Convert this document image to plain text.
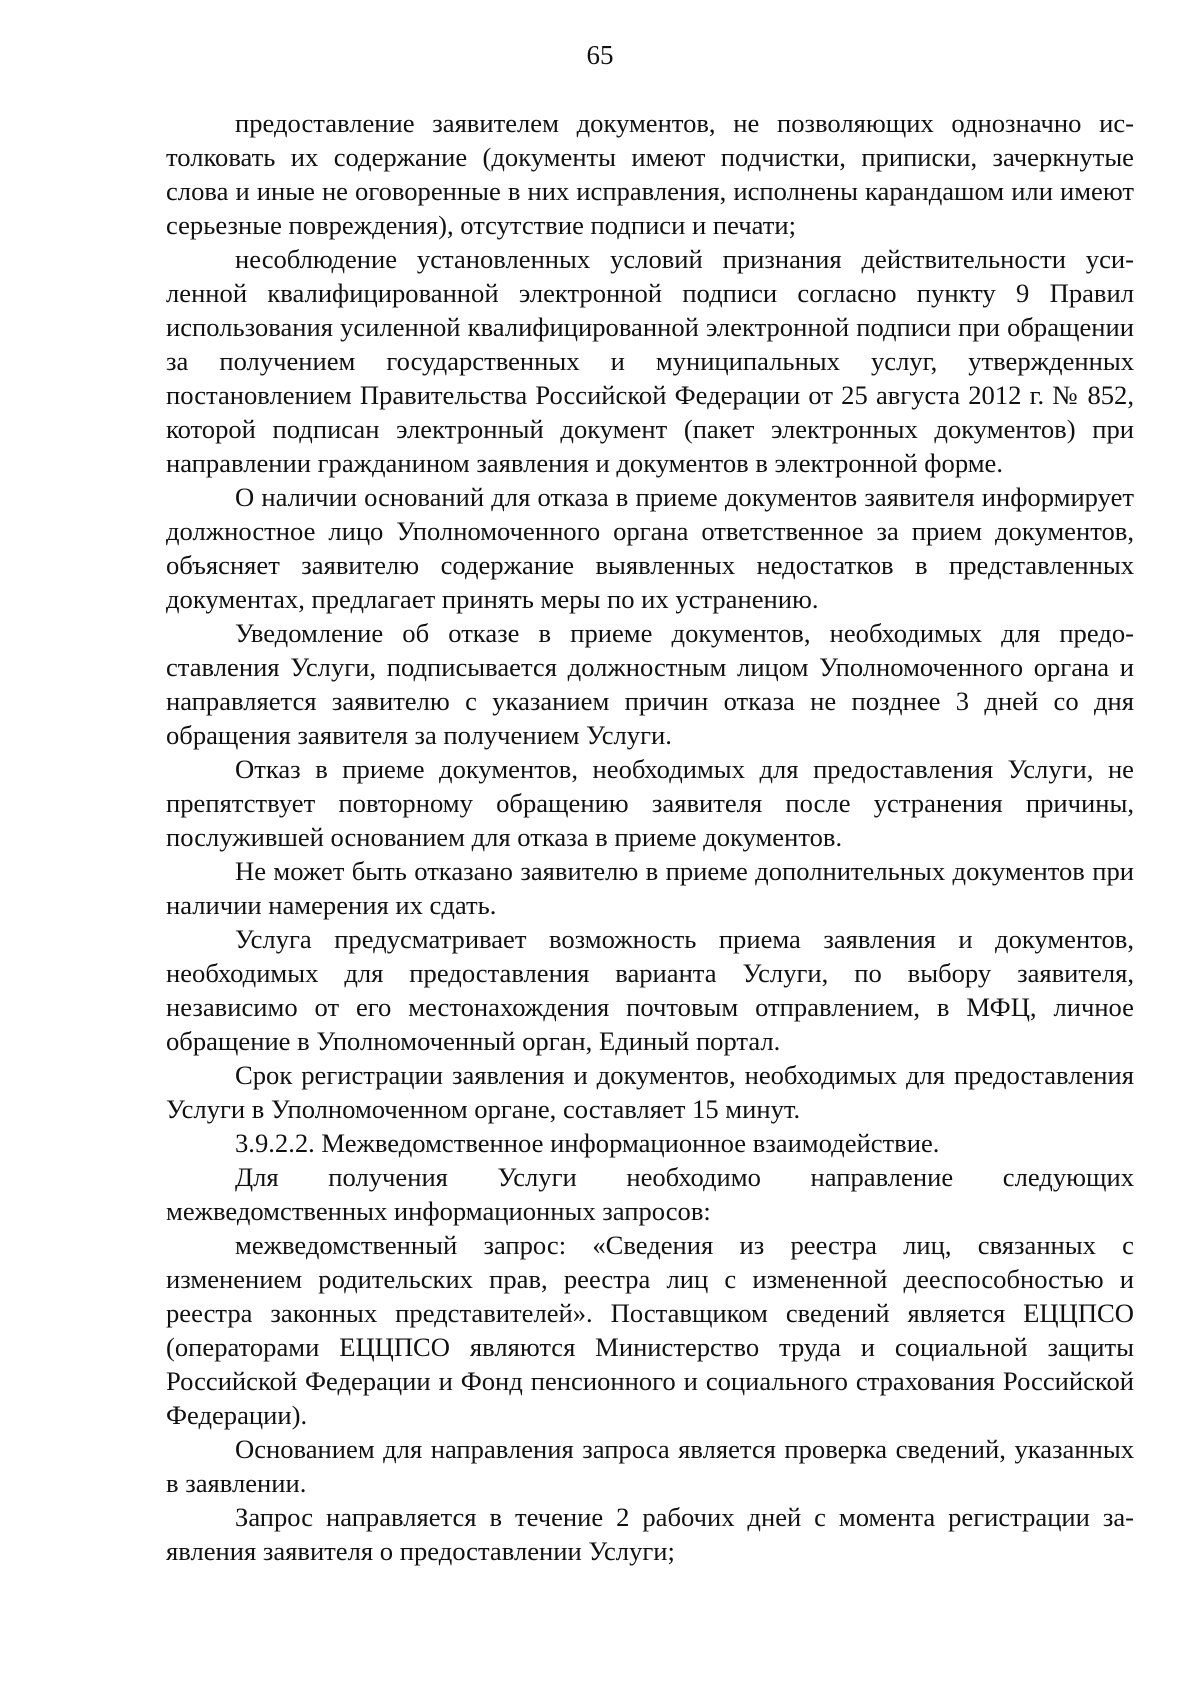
65

предоставление заявителем документов, не позволяющих однозначно истолковать их содержание (документы имеют подчистки, приписки, зачеркнутые слова и иные не оговоренные в них исправления, исполнены карандашом или имеют серьезные повреждения), отсутствие подписи и печати;

несоблюдение установленных условий признания действительности усиленной квалифицированной электронной подписи согласно пункту 9 Правил использования усиленной квалифицированной электронной подписи при обращении за получением государственных и муниципальных услуг, утвержденных постановлением Правительства Российской Федерации от 25 августа 2012 г. № 852, которой подписан электронный документ (пакет электронных документов) при направлении гражданином заявления и документов в электронной форме.

О наличии оснований для отказа в приеме документов заявителя информирует должностное лицо Уполномоченного органа ответственное за прием документов, объясняет заявителю содержание выявленных недостатков в представленных документах, предлагает принять меры по их устранению.

Уведомление об отказе в приеме документов, необходимых для предоставления Услуги, подписывается должностным лицом Уполномоченного органа и направляется заявителю с указанием причин отказа не позднее 3 дней со дня обращения заявителя за получением Услуги.

Отказ в приеме документов, необходимых для предоставления Услуги, не препятствует повторному обращению заявителя после устранения причины, послужившей основанием для отказа в приеме документов.

Не может быть отказано заявителю в приеме дополнительных документов при наличии намерения их сдать.

Услуга предусматривает возможность приема заявления и документов, необходимых для предоставления варианта Услуги, по выбору заявителя, независимо от его местонахождения почтовым отправлением, в МФЦ, личное обращение в Уполномоченный орган, Единый портал.

Срок регистрации заявления и документов, необходимых для предоставления Услуги в Уполномоченном органе, составляет 15 минут.

3.9.2.2. Межведомственное информационное взаимодействие.

Для получения Услуги необходимо направление следующих межведомственных информационных запросов:

межведомственный запрос: «Сведения из реестра лиц, связанных с изменением родительских прав, реестра лиц с измененной дееспособностью и реестра законных представителей». Поставщиком сведений является ЕЦЦПСО (операторами ЕЦЦПСО являются Министерство труда и социальной защиты Российской Федерации и Фонд пенсионного и социального страхования Российской Федерации).

Основанием для направления запроса является проверка сведений, указанных в заявлении.

Запрос направляется в течение 2 рабочих дней с момента регистрации заявления заявителя о предоставлении Услуги;
